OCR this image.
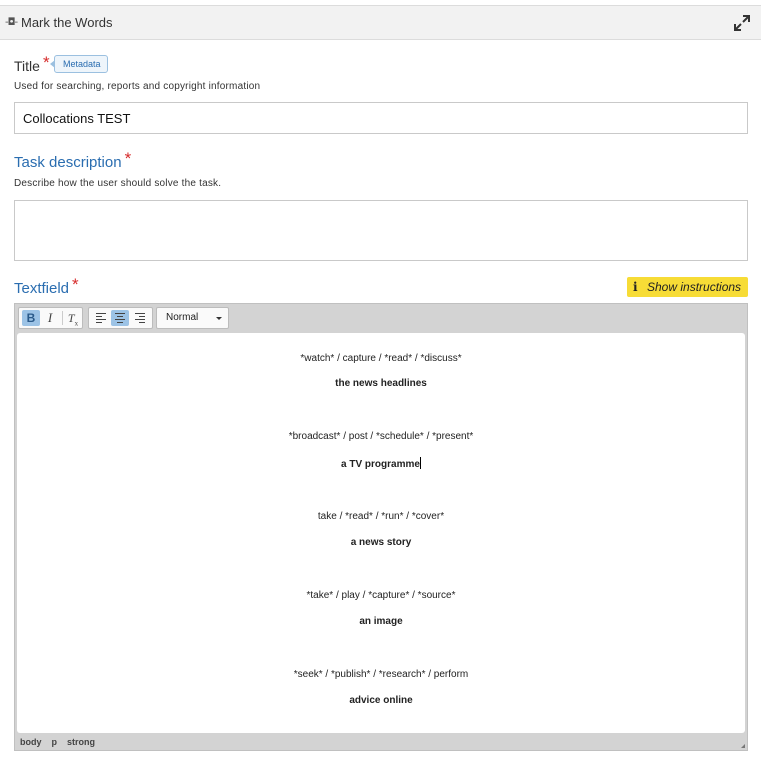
-◘- Mark the Words
Title *	Metadata
Used for searching, reports and copyright information
Collocations TEST
Task description *
Describe how the user should solve the task.
Textfield *	i Show instructions
B I	$T_x$
Normal
*watch* / capture / *read* / *discuss*
the news headlines
*broadcast* / post / *schedule* / *present*
a TV programme
take / *read* / *run* / *cover*
a news story
*take* / play / *capture* / *source*
an image
*seek* / *publish* / *research* / perform
advice online
body p strong
